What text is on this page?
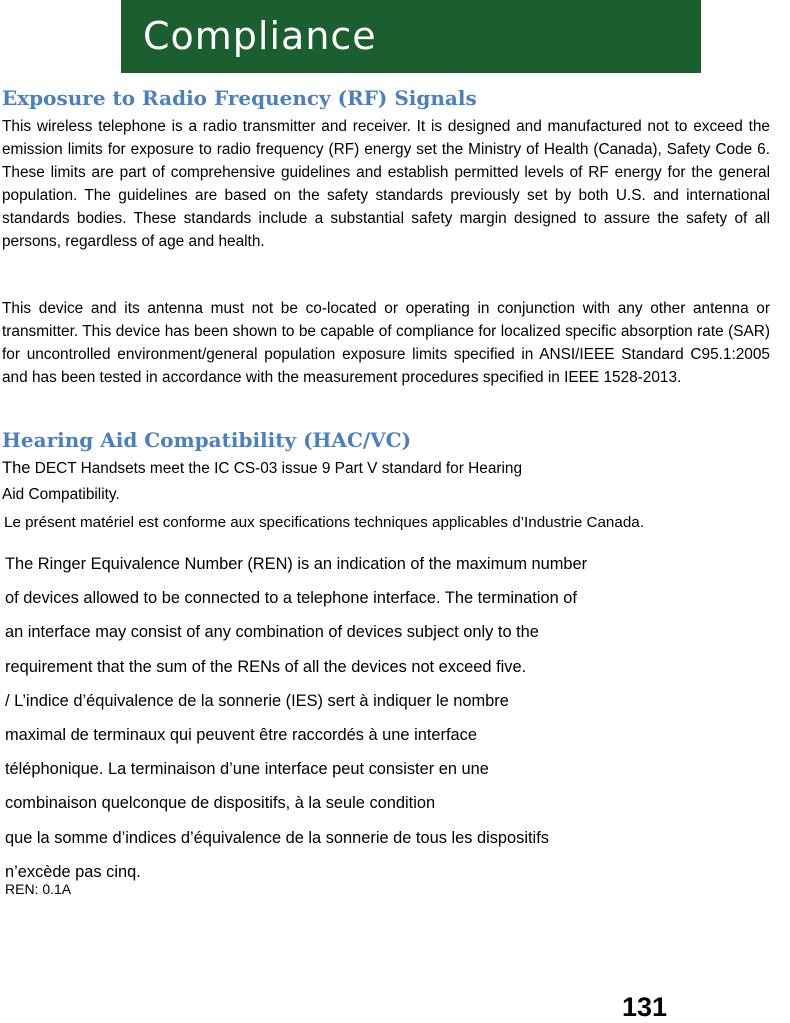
Compliance
Exposure to Radio Frequency (RF) Signals
This wireless telephone is a radio transmitter and receiver. It is designed and manufactured not to exceed the emission limits for exposure to radio frequency (RF) energy set the Ministry of Health (Canada), Safety Code 6. These limits are part of comprehensive guidelines and establish permitted levels of RF energy for the general population. The guidelines are based on the safety standards previously set by both U.S. and international standards bodies. These standards include a substantial safety margin designed to assure the safety of all persons, regardless of age and health.
This device and its antenna must not be co-located or operating in conjunction with any other antenna or transmitter. This device has been shown to be capable of compliance for localized specific absorption rate (SAR) for uncontrolled environment/general population exposure limits specified in ANSI/IEEE Standard C95.1:2005 and has been tested in accordance with the measurement procedures specified in IEEE 1528-2013.
Hearing Aid Compatibility (HAC/VC)
The DECT Handsets meet the IC CS-03 issue 9 Part V standard for Hearing
Aid Compatibility.
Le présent matériel est conforme aux specifications techniques applicables d’Industrie Canada.
The Ringer Equivalence Number (REN) is an indication of the maximum number
of devices allowed to be connected to a telephone interface. The termination of
an interface may consist of any combination of devices subject only to the
requirement that the sum of the RENs of all the devices not exceed five.
/ L’indice d’équivalence de la sonnerie (IES) sert à indiquer le nombre
maximal de terminaux qui peuvent être raccordés à une interface
téléphonique. La terminaison d’une interface peut consister en une
combinaison quelconque de dispositifs, à la seule condition
que la somme d’indices d’équivalence de la sonnerie de tous les dispositifs
n’excède pas cinq.
REN: 0.1A
131
